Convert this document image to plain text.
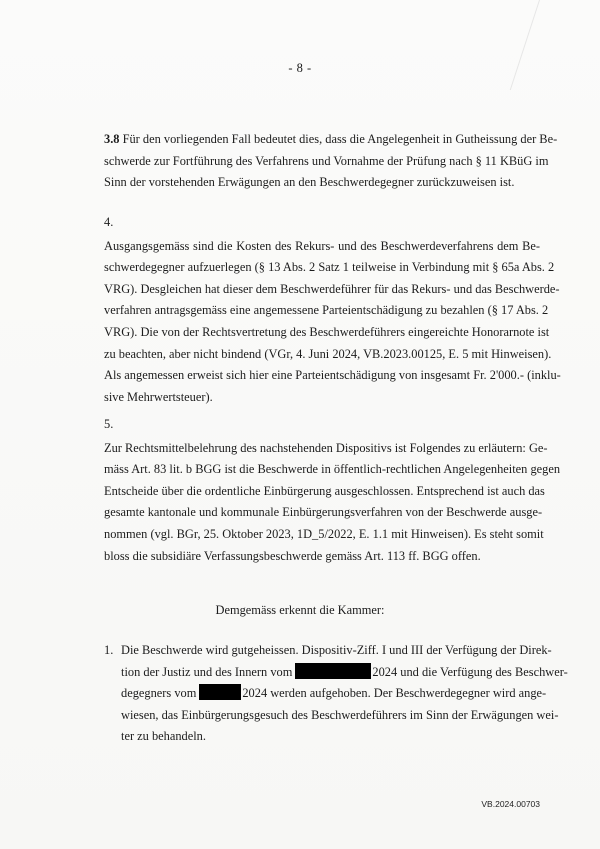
- 8 -
3.8 Für den vorliegenden Fall bedeutet dies, dass die Angelegenheit in Gutheissung der Be-
schwerde zur Fortführung des Verfahrens und Vornahme der Prüfung nach § 11 KBüG im
Sinn der vorstehenden Erwägungen an den Beschwerdegegner zurückzuweisen ist.
4.
Ausgangsgemäss sind die Kosten des Rekurs- und des Beschwerdeverfahrens dem Be-
schwerdegegner aufzuerlegen (§ 13 Abs. 2 Satz 1 teilweise in Verbindung mit § 65a Abs. 2
VRG). Desgleichen hat dieser dem Beschwerdeführer für das Rekurs- und das Beschwerde-
verfahren antragsgemäss eine angemessene Parteientschädigung zu bezahlen (§ 17 Abs. 2
VRG). Die von der Rechtsvertretung des Beschwerdeführers eingereichte Honorarnote ist
zu beachten, aber nicht bindend (VGr, 4. Juni 2024, VB.2023.00125, E. 5 mit Hinweisen).
Als angemessen erweist sich hier eine Parteientschädigung von insgesamt Fr. 2'000.- (inklu-
sive Mehrwertsteuer).
5.
Zur Rechtsmittelbelehrung des nachstehenden Dispositivs ist Folgendes zu erläutern: Ge-
mäss Art. 83 lit. b BGG ist die Beschwerde in öffentlich-rechtlichen Angelegenheiten gegen
Entscheide über die ordentliche Einbürgerung ausgeschlossen. Entsprechend ist auch das
gesamte kantonale und kommunale Einbürgerungsverfahren von der Beschwerde ausge-
nommen (vgl. BGr, 25. Oktober 2023, 1D_5/2022, E. 1.1 mit Hinweisen). Es steht somit
bloss die subsidiäre Verfassungsbeschwerde gemäss Art. 113 ff. BGG offen.
Demgemäss erkennt die Kammer:
1. Die Beschwerde wird gutgeheissen. Dispositiv-Ziff. I und III der Verfügung der Direk-
tion der Justiz und des Innern vom	2024 und die Verfügung des Beschwer-
degegners vom	2024 werden aufgehoben. Der Beschwerdegegner wird ange-
wiesen, das Einbürgerungsgesuch des Beschwerdeführers im Sinn der Erwägungen wei-
ter zu behandeln.
VB.2024.00703
